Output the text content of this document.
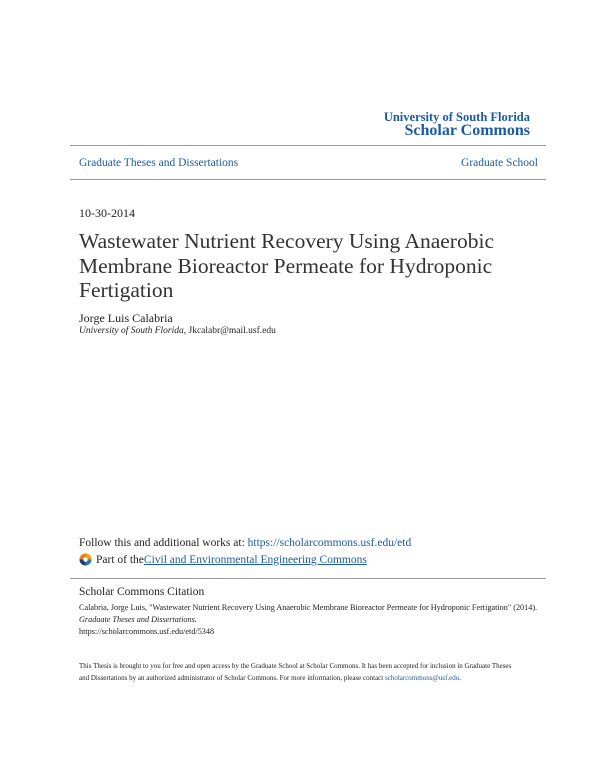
University of South Florida
Scholar Commons
Graduate Theses and Dissertations	Graduate School
10-30-2014
Wastewater Nutrient Recovery Using Anaerobic Membrane Bioreactor Permeate for Hydroponic Fertigation
Jorge Luis Calabria
University of South Florida, Jkcalabr@mail.usf.edu
Follow this and additional works at: https://scholarcommons.usf.edu/etd
Part of the Civil and Environmental Engineering Commons
Scholar Commons Citation
Calabria, Jorge Luis, "Wastewater Nutrient Recovery Using Anaerobic Membrane Bioreactor Permeate for Hydroponic Fertigation" (2014). Graduate Theses and Dissertations.
https://scholarcommons.usf.edu/etd/5348
This Thesis is brought to you for free and open access by the Graduate School at Scholar Commons. It has been accepted for inclusion in Graduate Theses and Dissertations by an authorized administrator of Scholar Commons. For more information, please contact scholarcommons@usf.edu.
